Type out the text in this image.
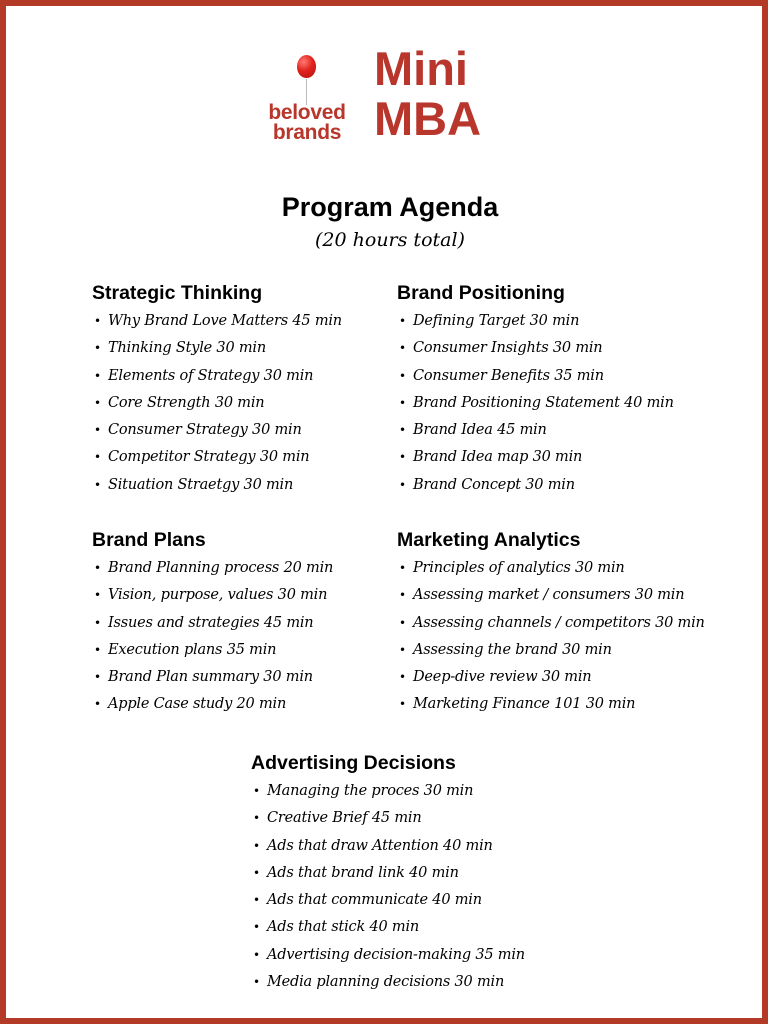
beloved
brands
Mini
MBA
Program Agenda
(20 hours total)
Strategic Thinking
• Why Brand Love Matters 45 min
• Thinking Style 30 min
• Elements of Strategy 30 min
• Core Strength 30 min
• Consumer Strategy 30 min
• Competitor Strategy 30 min
• Situation Straetgy 30 min
Brand Positioning
• Defining Target 30 min
• Consumer Insights 30 min
• Consumer Benefits 35 min
• Brand Positioning Statement 40 min
• Brand Idea 45 min
• Brand Idea map 30 min
• Brand Concept 30 min
Brand Plans
• Brand Planning process 20 min
• Vision, purpose, values 30 min
• Issues and strategies 45 min
• Execution plans 35 min
• Brand Plan summary 30 min
• Apple Case study 20 min
Marketing Analytics
• Principles of analytics 30 min
• Assessing market / consumers 30 min
• Assessing channels / competitors 30 min
• Assessing the brand 30 min
• Deep-dive review 30 min
• Marketing Finance 101 30 min
Advertising Decisions
• Managing the proces 30 min
• Creative Brief 45 min
• Ads that draw Attention 40 min
• Ads that brand link 40 min
• Ads that communicate 40 min
• Ads that stick 40 min
• Advertising decision-making 35 min
• Media planning decisions 30 min
